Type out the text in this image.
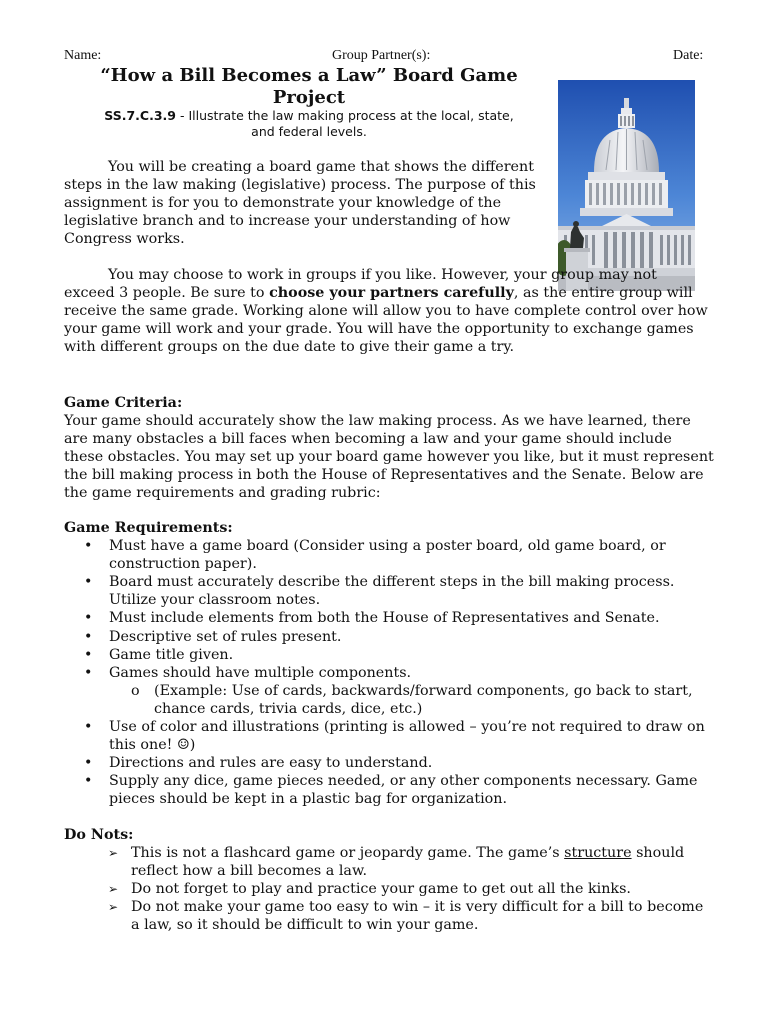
Name:	Group Partner(s):	Date:
“How a Bill Becomes a Law” Board Game
Project
SS.7.C.3.9 - Illustrate the law making process at the local, state,
and federal levels.
You will be creating a board game that shows the different steps in the law making (legislative) process. The purpose of this assignment is for you to demonstrate your knowledge of the legislative branch and to increase your understanding of how Congress works.
You may choose to work in groups if you like. However, your group may not exceed 3 people. Be sure to choose your partners carefully, as the entire group will receive the same grade. Working alone will allow you to have complete control over how your game will work and your grade. You will have the opportunity to exchange games with different groups on the due date to give their game a try.
Game Criteria:
Your game should accurately show the law making process. As we have learned, there are many obstacles a bill faces when becoming a law and your game should include these obstacles. You may set up your board game however you like, but it must represent the bill making process in both the House of Representatives and the Senate. Below are the game requirements and grading rubric:
Game Requirements:
• Must have a game board (Consider using a poster board, old game board, or construction paper).
• Board must accurately describe the different steps in the bill making process. Utilize your classroom notes.
• Must include elements from both the House of Representatives and Senate.
• Descriptive set of rules present.
• Game title given.
• Games should have multiple components.
o (Example: Use of cards, backwards/forward components, go back to start, chance cards, trivia cards, dice, etc.)
• Use of color and illustrations (printing is allowed – you’re not required to draw on this one! ☺)
• Directions and rules are easy to understand.
• Supply any dice, game pieces needed, or any other components necessary. Game pieces should be kept in a plastic bag for organization.
Do Nots:
➢ This is not a flashcard game or jeopardy game. The game’s structure should reflect how a bill becomes a law.
➢ Do not forget to play and practice your game to get out all the kinks.
➢ Do not make your game too easy to win – it is very difficult for a bill to become a law, so it should be difficult to win your game.
